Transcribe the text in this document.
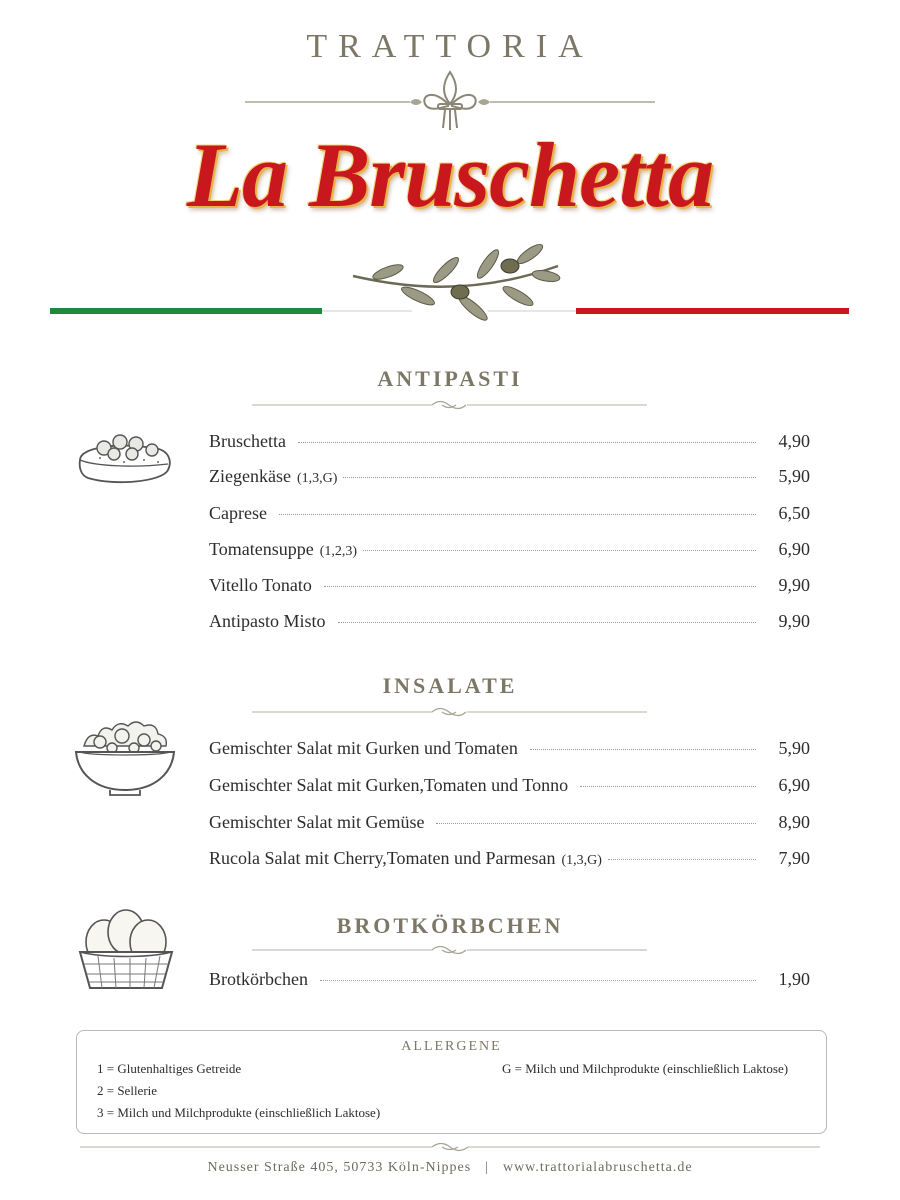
TRATTORIA
La Bruschetta
ANTIPASTI
Bruschetta	4,90
Ziegenkäse (1,3,G)	5,90
Caprese	6,50
Tomatensuppe (1,2,3)	6,90
Vitello Tonato	9,90
Antipasto Misto	9,90
INSALATE
Gemischter Salat mit Gurken und Tomaten	5,90
Gemischter Salat mit Gurken,Tomaten und Tonno	6,90
Gemischter Salat mit Gemüse	8,90
Rucola Salat mit Cherry,Tomaten und Parmesan (1,3,G)	7,90
BROTKÖRBCHEN
Brotkörbchen	1,90
ALLERGENE
1 = Glutenhaltiges Getreide
2 = Sellerie
3 = Milch und Milchprodukte (einschließlich Laktose)
G = Milch und Milchprodukte (einschließlich Laktose)
Neusser Straße 405, 50733 Köln-Nippes | www.trattorialabruschetta.de
